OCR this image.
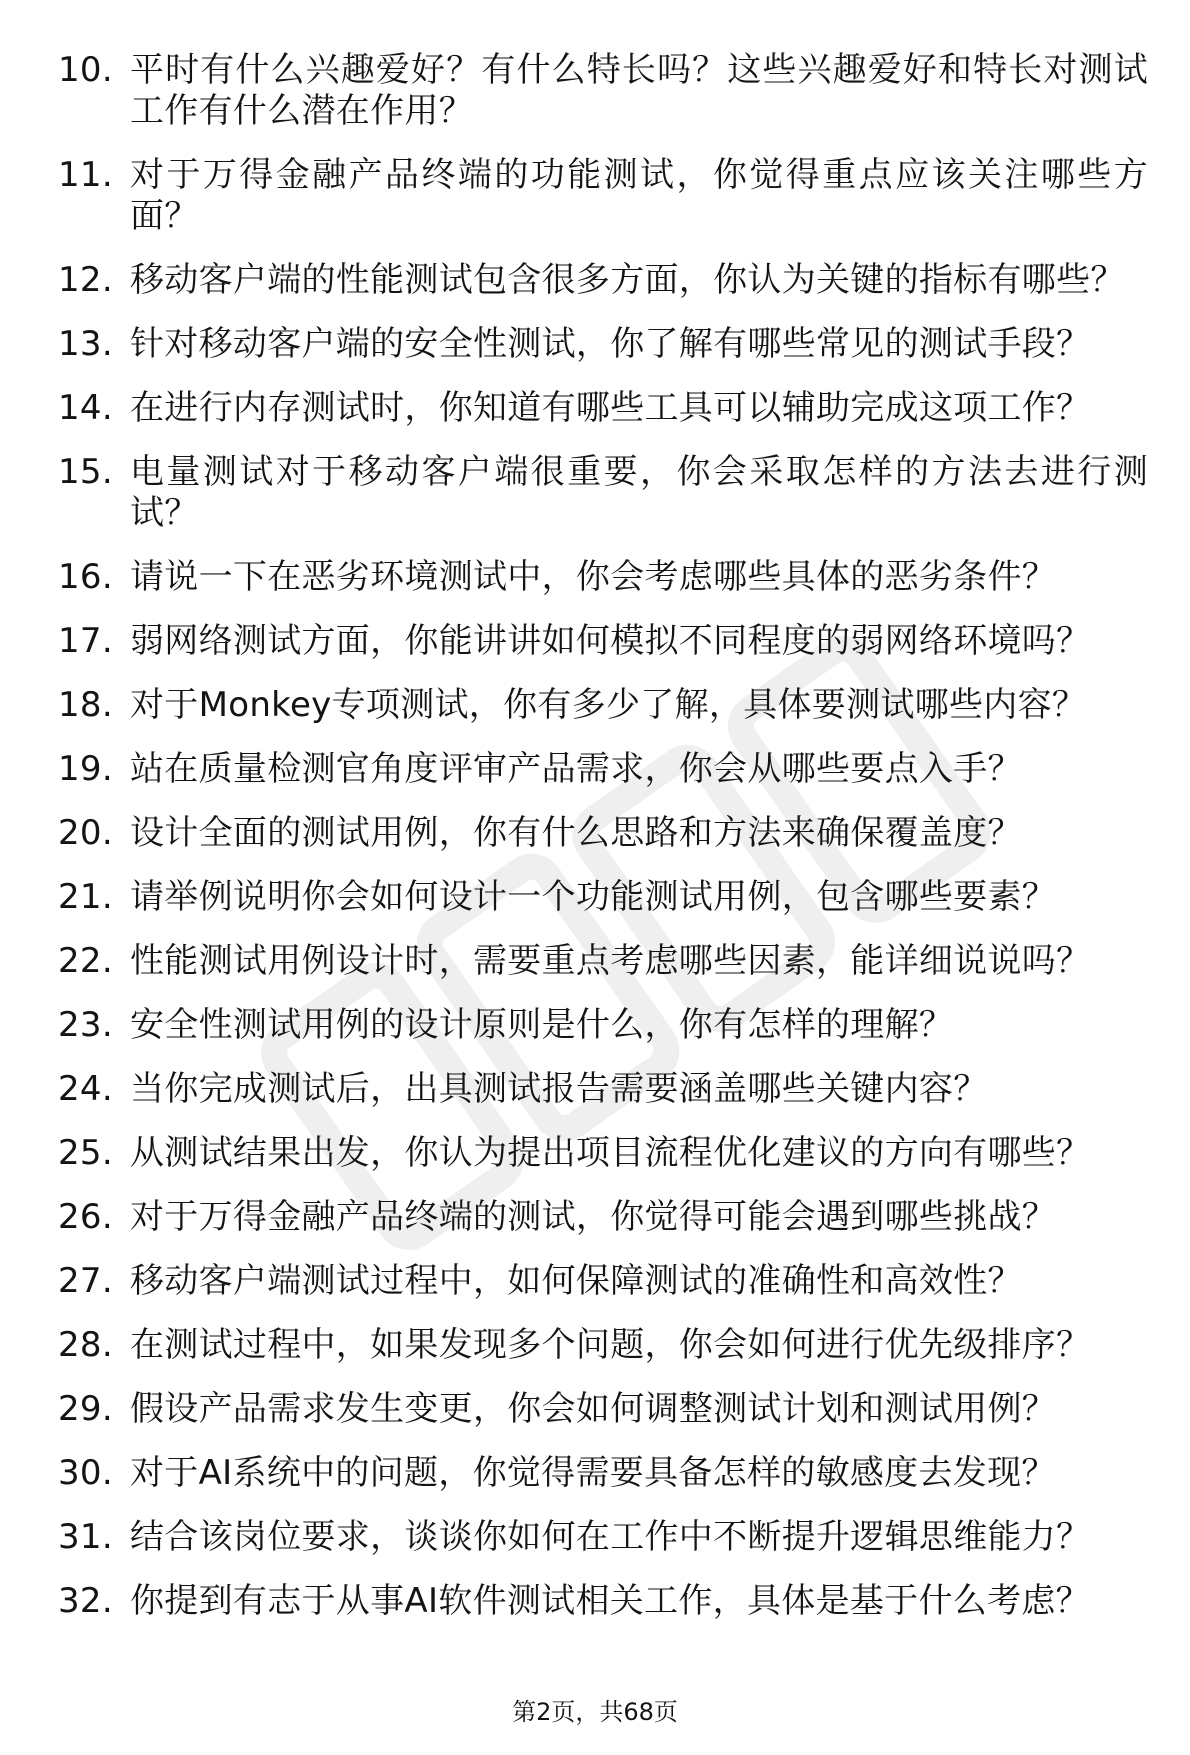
10. 平时有什么兴趣爱好？有什么特长吗？这些兴趣爱好和特长对测试工作有什么潜在作用？
11. 对于万得金融产品终端的功能测试，你觉得重点应该关注哪些方面？
12. 移动客户端的性能测试包含很多方面，你认为关键的指标有哪些？
13. 针对移动客户端的安全性测试，你了解有哪些常见的测试手段？
14. 在进行内存测试时，你知道有哪些工具可以辅助完成这项工作？
15. 电量测试对于移动客户端很重要，你会采取怎样的方法去进行测试？
16. 请说一下在恶劣环境测试中，你会考虑哪些具体的恶劣条件？
17. 弱网络测试方面，你能讲讲如何模拟不同程度的弱网络环境吗？
18. 对于Monkey专项测试，你有多少了解，具体要测试哪些内容？
19. 站在质量检测官角度评审产品需求，你会从哪些要点入手？
20. 设计全面的测试用例，你有什么思路和方法来确保覆盖度？
21. 请举例说明你会如何设计一个功能测试用例，包含哪些要素？
22. 性能测试用例设计时，需要重点考虑哪些因素，能详细说说吗？
23. 安全性测试用例的设计原则是什么，你有怎样的理解？
24. 当你完成测试后，出具测试报告需要涵盖哪些关键内容？
25. 从测试结果出发，你认为提出项目流程优化建议的方向有哪些？
26. 对于万得金融产品终端的测试，你觉得可能会遇到哪些挑战？
27. 移动客户端测试过程中，如何保障测试的准确性和高效性？
28. 在测试过程中，如果发现多个问题，你会如何进行优先级排序？
29. 假设产品需求发生变更，你会如何调整测试计划和测试用例？
30. 对于AI系统中的问题，你觉得需要具备怎样的敏感度去发现？
31. 结合该岗位要求，谈谈你如何在工作中不断提升逻辑思维能力？
32. 你提到有志于从事AI软件测试相关工作，具体是基于什么考虑？
第2页，共68页
